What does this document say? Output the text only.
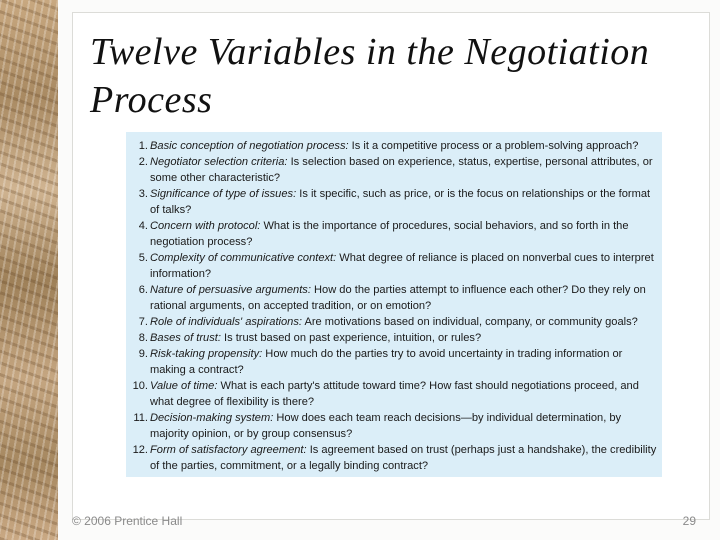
Twelve Variables in the Negotiation
Process
1. Basic conception of negotiation process: Is it a competitive process or a problem-solving approach?
2. Negotiator selection criteria: Is selection based on experience, status, expertise, personal attributes, or some other characteristic?
3. Significance of type of issues: Is it specific, such as price, or is the focus on relationships or the format of talks?
4. Concern with protocol: What is the importance of procedures, social behaviors, and so forth in the negotiation process?
5. Complexity of communicative context: What degree of reliance is placed on nonverbal cues to interpret information?
6. Nature of persuasive arguments: How do the parties attempt to influence each other? Do they rely on rational arguments, on accepted tradition, or on emotion?
7. Role of individuals' aspirations: Are motivations based on individual, company, or community goals?
8. Bases of trust: Is trust based on past experience, intuition, or rules?
9. Risk-taking propensity: How much do the parties try to avoid uncertainty in trading information or making a contract?
10. Value of time: What is each party's attitude toward time? How fast should negotiations proceed, and what degree of flexibility is there?
11. Decision-making system: How does each team reach decisions—by individual determination, by majority opinion, or by group consensus?
12. Form of satisfactory agreement: Is agreement based on trust (perhaps just a handshake), the credibility of the parties, commitment, or a legally binding contract?
© 2006 Prentice Hall	29
